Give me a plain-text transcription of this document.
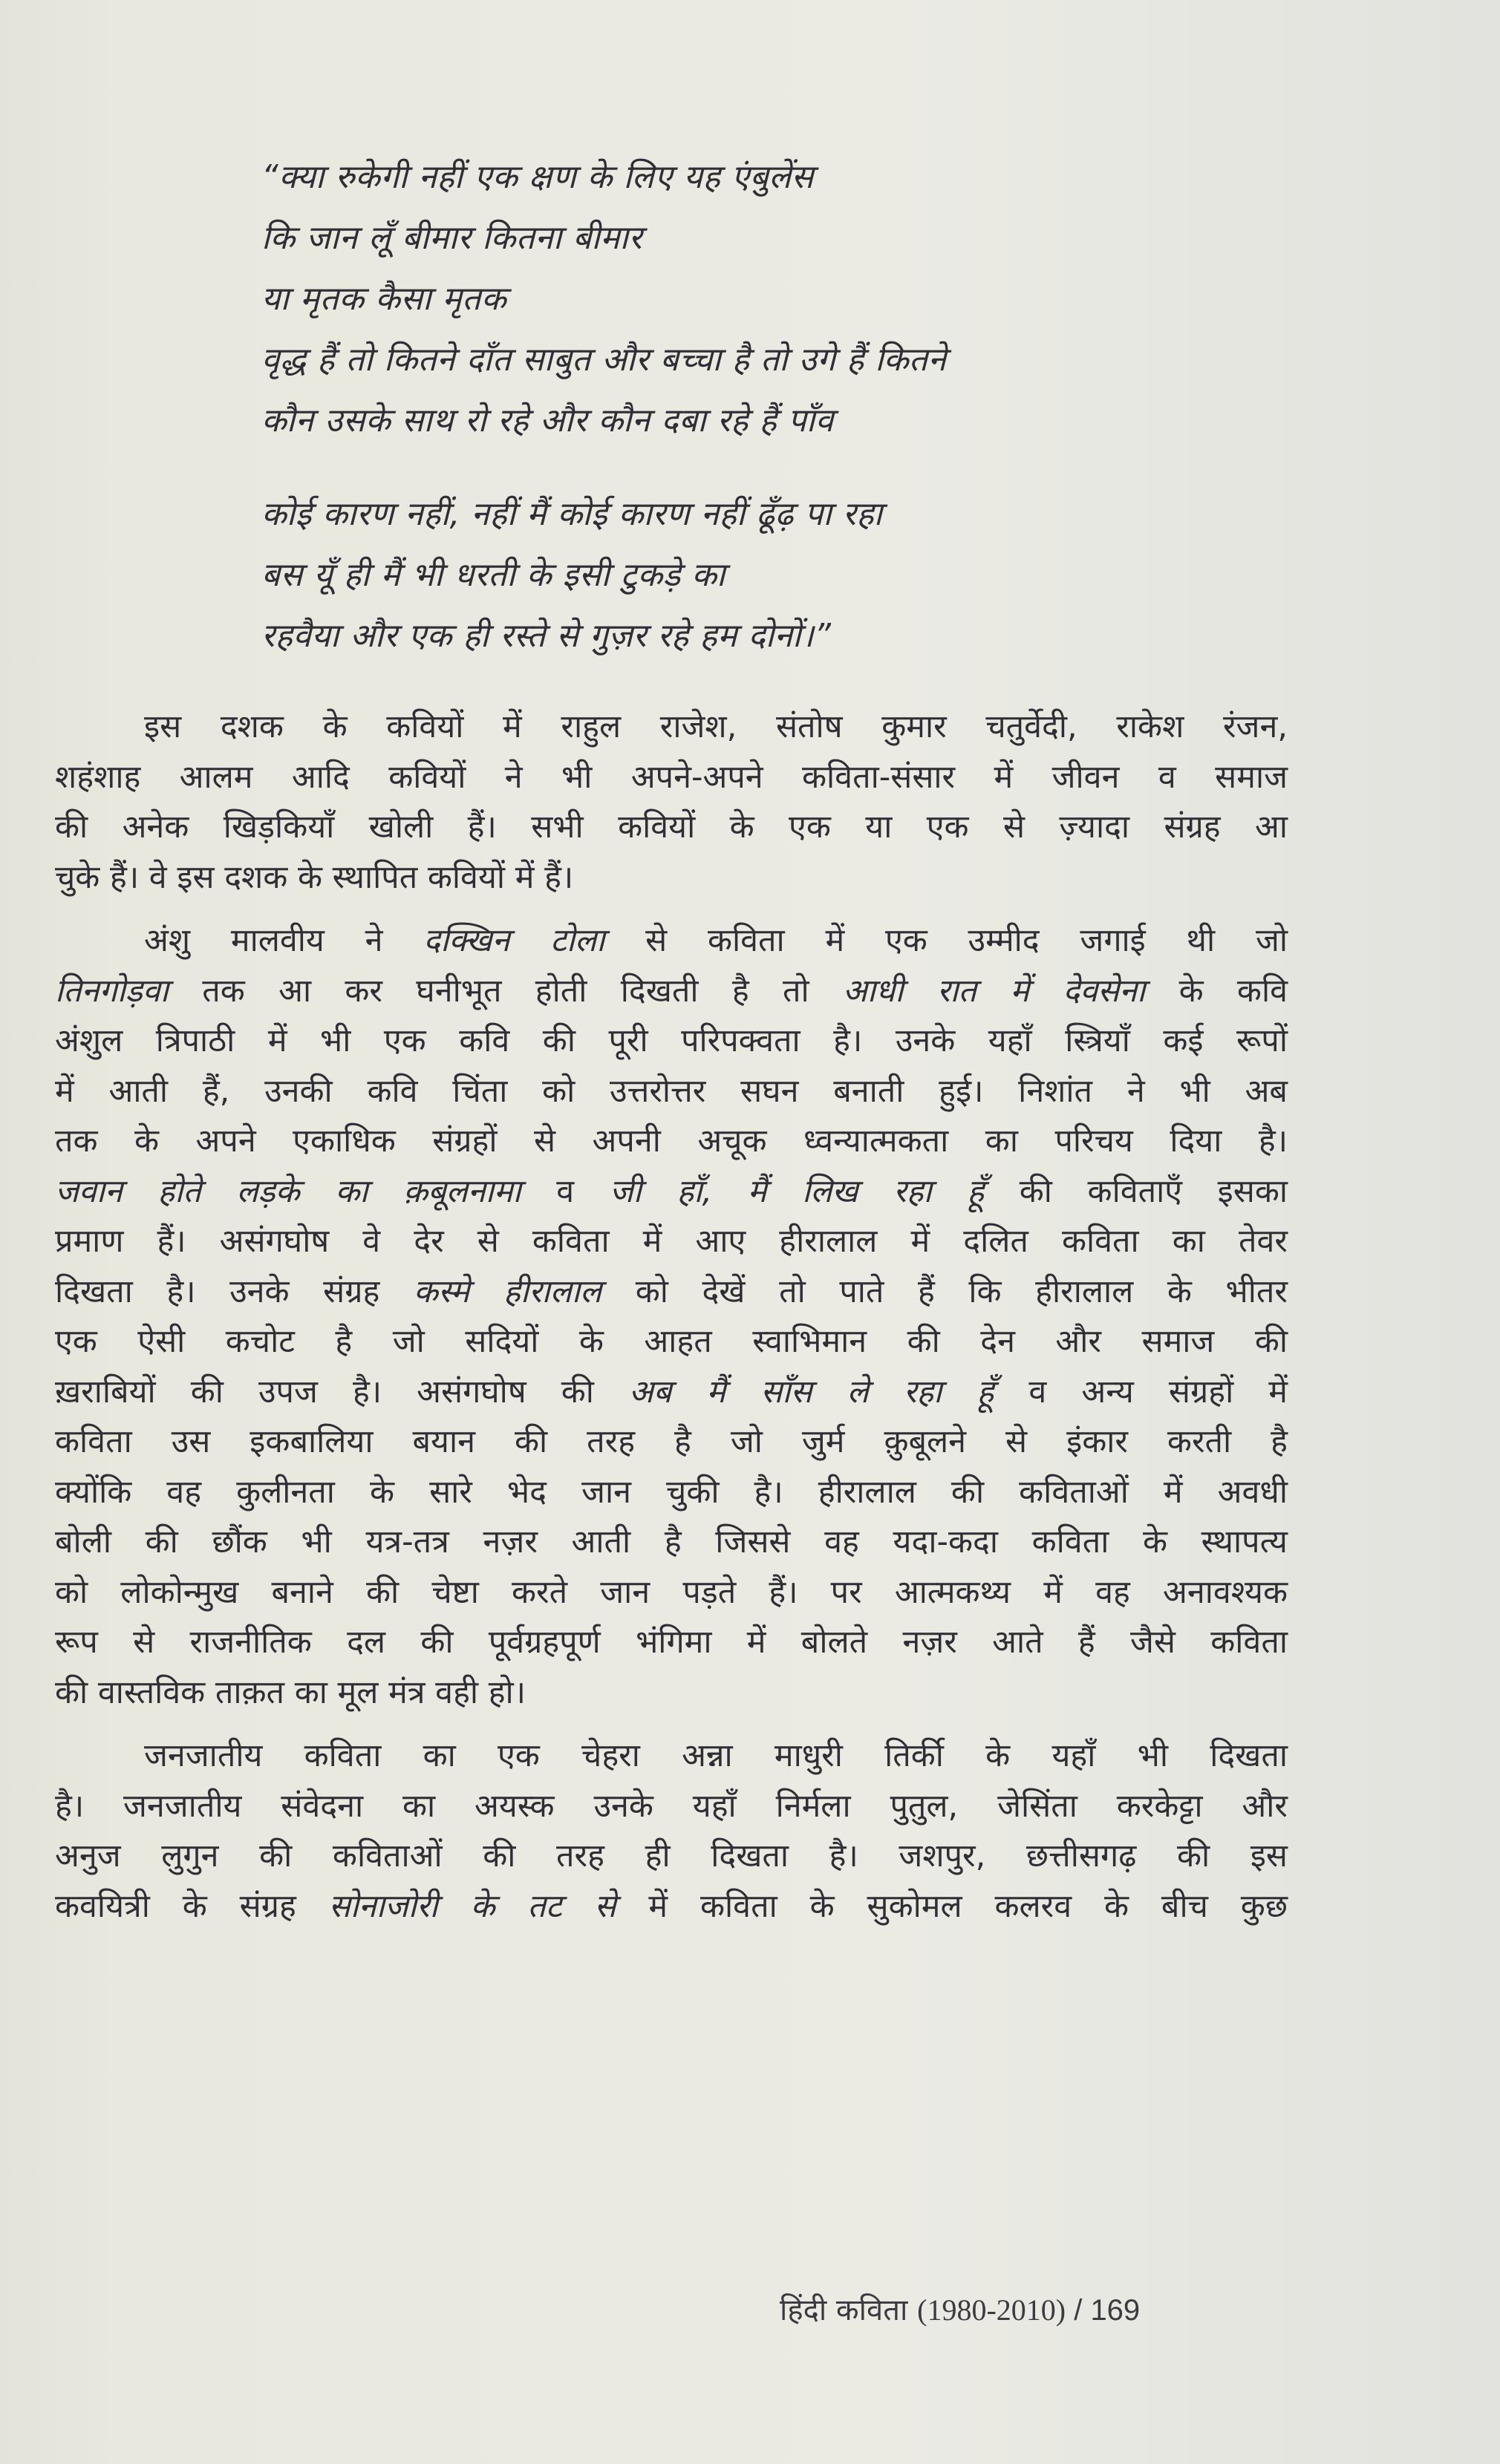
“क्या रुकेगी नहीं एक क्षण के लिए यह एंबुलेंस
कि जान लूँ बीमार कितना बीमार
या मृतक कैसा मृतक
वृद्ध हैं तो कितने दाँत साबुत और बच्चा है तो उगे हैं कितने
कौन उसके साथ रो रहे और कौन दबा रहे हैं पाँव
कोई कारण नहीं, नहीं मैं कोई कारण नहीं ढूँढ़ पा रहा
बस यूँ ही मैं भी धरती के इसी टुकड़े का
रहवैया और एक ही रस्ते से गुज़र रहे हम दोनों।”
इस दशक के कवियों में राहुल राजेश, संतोष कुमार चतुर्वेदी, राकेश रंजन,
शहंशाह आलम आदि कवियों ने भी अपने-अपने कविता-संसार में जीवन व समाज
की अनेक खिड़कियाँ खोली हैं। सभी कवियों के एक या एक से ज़्यादा संग्रह आ
चुके हैं। वे इस दशक के स्थापित कवियों में हैं।
अंशु मालवीय ने दक्खिन टोला से कविता में एक उम्मीद जगाई थी जो
तिनगोड़वा तक आ कर घनीभूत होती दिखती है तो आधी रात में देवसेना के कवि
अंशुल त्रिपाठी में भी एक कवि की पूरी परिपक्वता है। उनके यहाँ स्त्रियाँ कई रूपों
में आती हैं, उनकी कवि चिंता को उत्तरोत्तर सघन बनाती हुई। निशांत ने भी अब
तक के अपने एकाधिक संग्रहों से अपनी अचूक ध्वन्यात्मकता का परिचय दिया है।
जवान होते लड़के का क़बूलनामा व जी हाँ, मैं लिख रहा हूँ की कविताएँ इसका
प्रमाण हैं। असंगघोष वे देर से कविता में आए हीरालाल में दलित कविता का तेवर
दिखता है। उनके संग्रह कस्मे हीरालाल को देखें तो पाते हैं कि हीरालाल के भीतर
एक ऐसी कचोट है जो सदियों के आहत स्वाभिमान की देन और समाज की
ख़राबियों की उपज है। असंगघोष की अब मैं साँस ले रहा हूँ व अन्य संग्रहों में
कविता उस इकबालिया बयान की तरह है जो जुर्म क़ुबूलने से इंकार करती है
क्योंकि वह कुलीनता के सारे भेद जान चुकी है। हीरालाल की कविताओं में अवधी
बोली की छौंक भी यत्र-तत्र नज़र आती है जिससे वह यदा-कदा कविता के स्थापत्य
को लोकोन्मुख बनाने की चेष्टा करते जान पड़ते हैं। पर आत्मकथ्य में वह अनावश्यक
रूप से राजनीतिक दल की पूर्वग्रहपूर्ण भंगिमा में बोलते नज़र आते हैं जैसे कविता
की वास्तविक ताक़त का मूल मंत्र वही हो।
जनजातीय कविता का एक चेहरा अन्ना माधुरी तिर्की के यहाँ भी दिखता
है। जनजातीय संवेदना का अयस्क उनके यहाँ निर्मला पुतुल, जेसिंता करकेट्टा और
अनुज लुगुन की कविताओं की तरह ही दिखता है। जशपुर, छत्तीसगढ़ की इस
कवयित्री के संग्रह सोनाजोरी के तट से में कविता के सुकोमल कलरव के बीच कुछ
हिंदी कविता (1980-2010) / 169
